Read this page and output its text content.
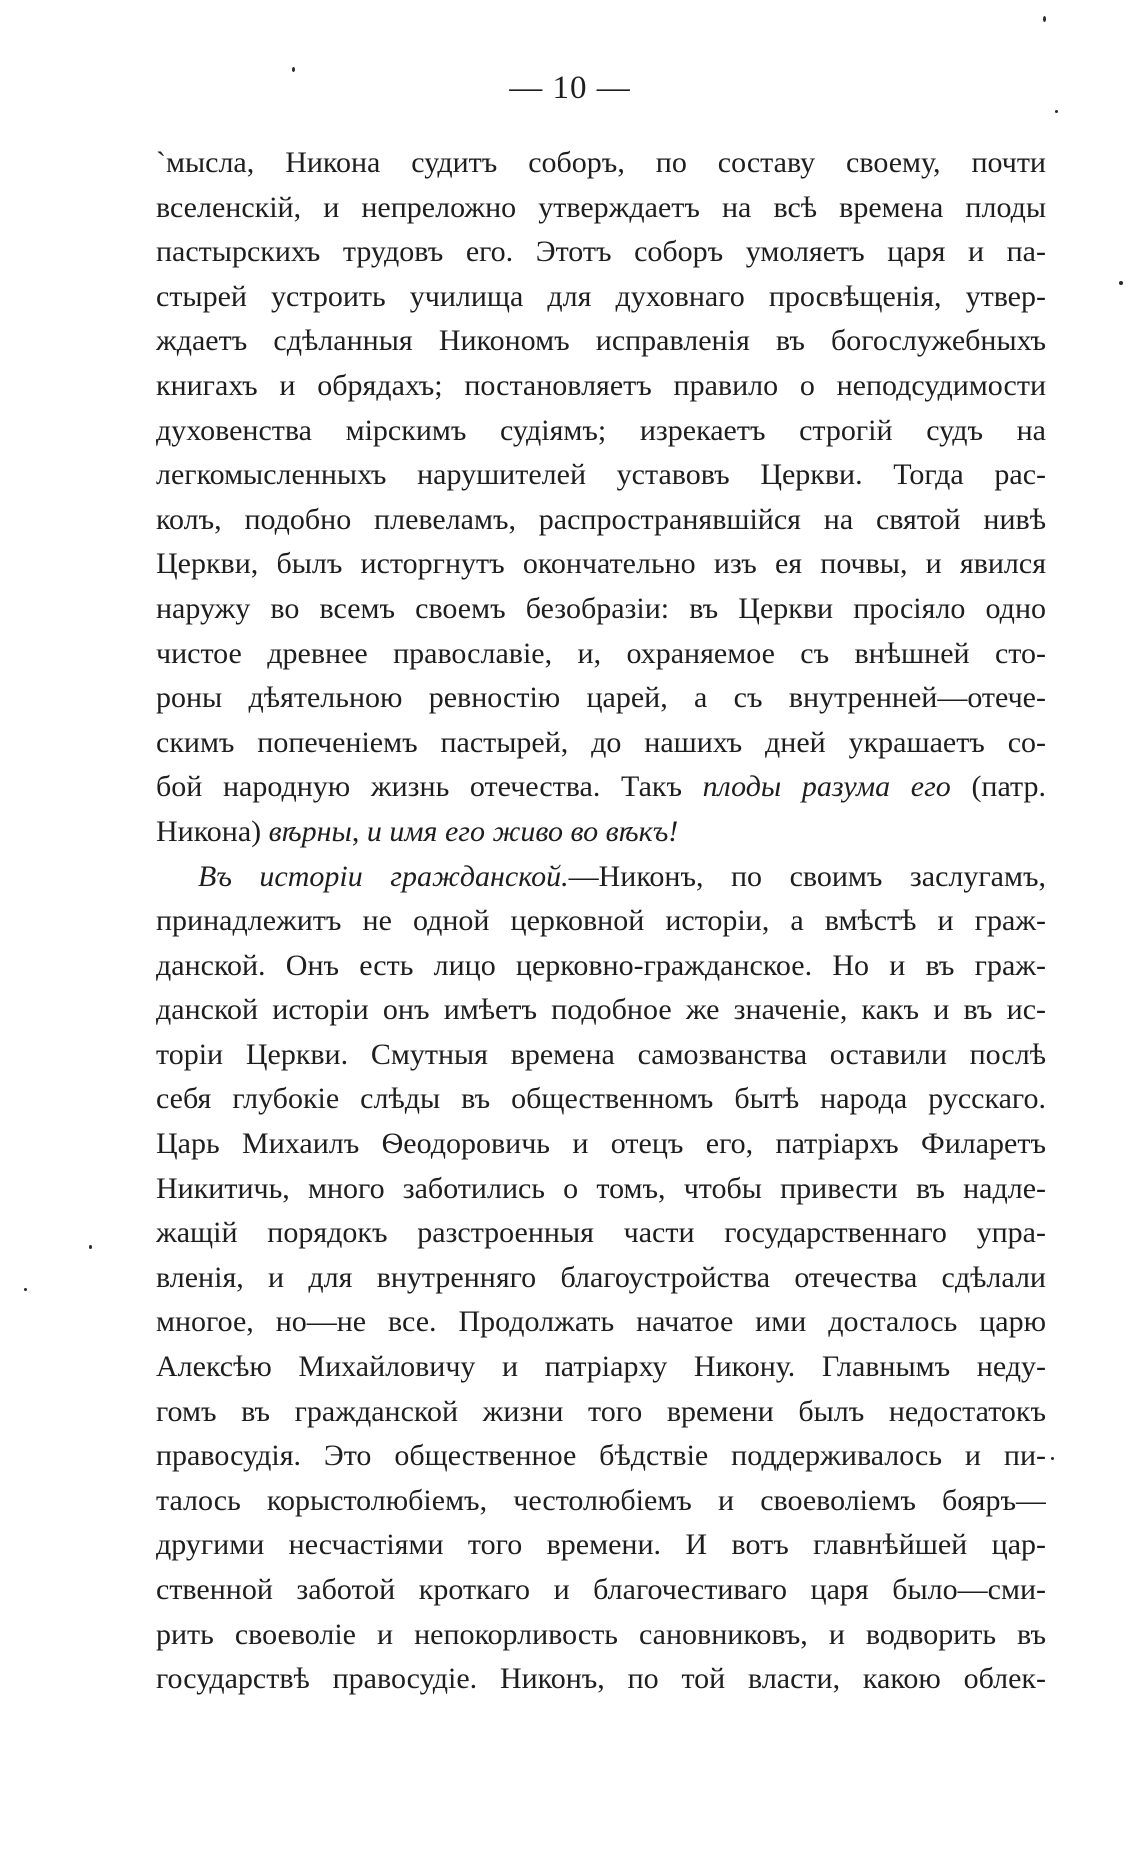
— 10 —
`мысла, Никона судитъ соборъ, по составу своему, почти
вселенскій, и непреложно утверждаетъ на всѣ времена плоды
пастырскихъ трудовъ его. Этотъ соборъ умоляетъ царя и па-
стырей устроить училища для духовнаго просвѣщенія, утвер-
ждаетъ сдѣланныя Никономъ исправленія въ богослужебныхъ
книгахъ и обрядахъ; постановляетъ правило о неподсудимости
духовенства мірскимъ судіямъ; изрекаетъ строгій судъ на
легкомысленныхъ нарушителей уставовъ Церкви. Тогда рас-
колъ, подобно плевеламъ, распространявшійся на святой нивѣ
Церкви, былъ исторгнутъ окончательно изъ ея почвы, и явился
наружу во всемъ своемъ безобразіи: въ Церкви просіяло одно
чистое древнее православіе, и, охраняемое съ внѣшней сто-
роны дѣятельною ревностію царей, а съ внутренней—отече-
скимъ попеченіемъ пастырей, до нашихъ дней украшаетъ со-
бой народную жизнь отечества. Такъ плоды разума его (патр.
Никона) вѣрны, и имя его живо во вѣкъ!
Въ исторіи гражданской.—Никонъ, по своимъ заслугамъ,
принадлежитъ не одной церковной исторіи, а вмѣстѣ и граж-
данской. Онъ есть лицо церковно-гражданское. Но и въ граж-
данской исторіи онъ имѣетъ подобное же значеніе, какъ и въ ис-
торіи Церкви. Смутныя времена самозванства оставили послѣ
себя глубокіе слѣды въ общественномъ бытѣ народа русскаго.
Царь Михаилъ Ѳеодоровичь и отецъ его, патріархъ Филаретъ
Никитичь, много заботились о томъ, чтобы привести въ надле-
жащій порядокъ разстроенныя части государственнаго упра-
вленія, и для внутренняго благоустройства отечества сдѣлали
многое, но—не все. Продолжать начатое ими досталось царю
Алексѣю Михайловичу и патріарху Никону. Главнымъ неду-
гомъ въ гражданской жизни того времени былъ недостатокъ
правосудія. Это общественное бѣдствіе поддерживалось и пи-
талось корыстолюбіемъ, честолюбіемъ и своеволіемъ бояръ—
другими несчастіями того времени. И вотъ главнѣйшей цар-
ственной заботой кроткаго и благочестиваго царя было—сми-
рить своеволіе и непокорливость сановниковъ, и водворить въ
государствѣ правосудіе. Никонъ, по той власти, какою облек-
